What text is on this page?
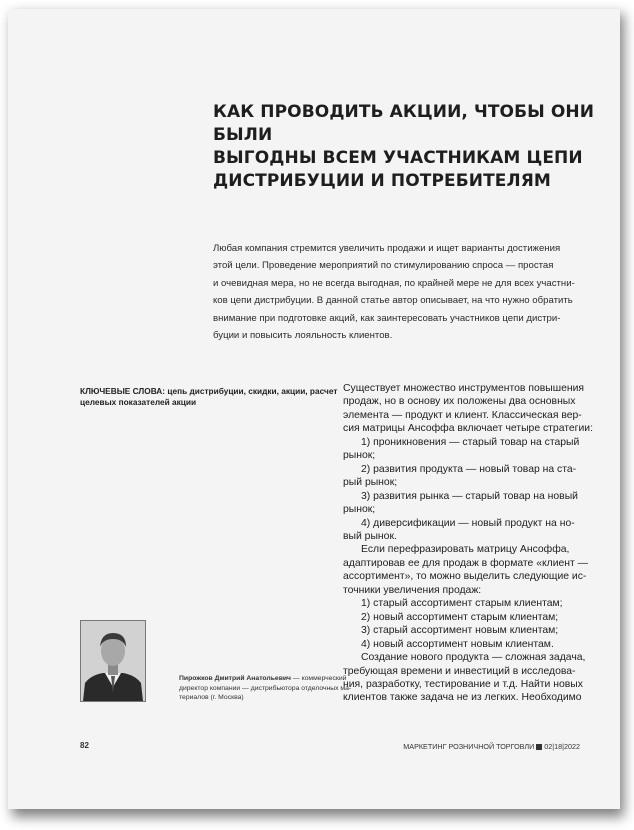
КАК ПРОВОДИТЬ АКЦИИ, ЧТОБЫ ОНИ БЫЛИ
ВЫГОДНЫ ВСЕМ УЧАСТНИКАМ ЦЕПИ
ДИСТРИБУЦИИ И ПОТРЕБИТЕЛЯМ

Любая компания стремится увеличить продажи и ищет варианты достижения
этой цели. Проведение мероприятий по стимулированию спроса — простая
и очевидная мера, но не всегда выгодная, по крайней мере не для всех участни-
ков цепи дистрибуции. В данной статье автор описывает, на что нужно обратить
внимание при подготовке акций, как заинтересовать участников цепи дистри-
буции и повысить лояльность клиентов.

КЛЮЧЕВЫЕ СЛОВА: цепь дистрибуции, скидки, акции, расчет
целевых показателей акции

Существует множество инструментов повышения
продаж, но в основу их положены два основных
элемента — продукт и клиент. Классическая вер-
сия матрицы Ансоффа включает четыре стратегии:
1) проникновения — старый товар на старый
рынок;
2) развития продукта — новый товар на ста-
рый рынок;
3) развития рынка — старый товар на новый
рынок;
4) диверсификации — новый продукт на но-
вый рынок.
Если перефразировать матрицу Ансоффа,
адаптировав ее для продаж в формате «клиент —
ассортимент», то можно выделить следующие ис-
точники увеличения продаж:
1) старый ассортимент старым клиентам;
2) новый ассортимент старым клиентам;
3) старый ассортимент новым клиентам;
4) новый ассортимент новым клиентам.
Создание нового продукта — сложная задача,
требующая времени и инвестиций в исследова-
ния, разработку, тестирование и т.д. Найти новых
клиентов также задача не из легких. Необходимо
Пирожков Дмитрий Анатольевич — коммерческий
директор компании — дистрибьютора отделочных ма-
териалов (г. Москва)
82	МАРКЕТИНГ РОЗНИЧНОЙ ТОРГОВЛИ 02|18|2022
